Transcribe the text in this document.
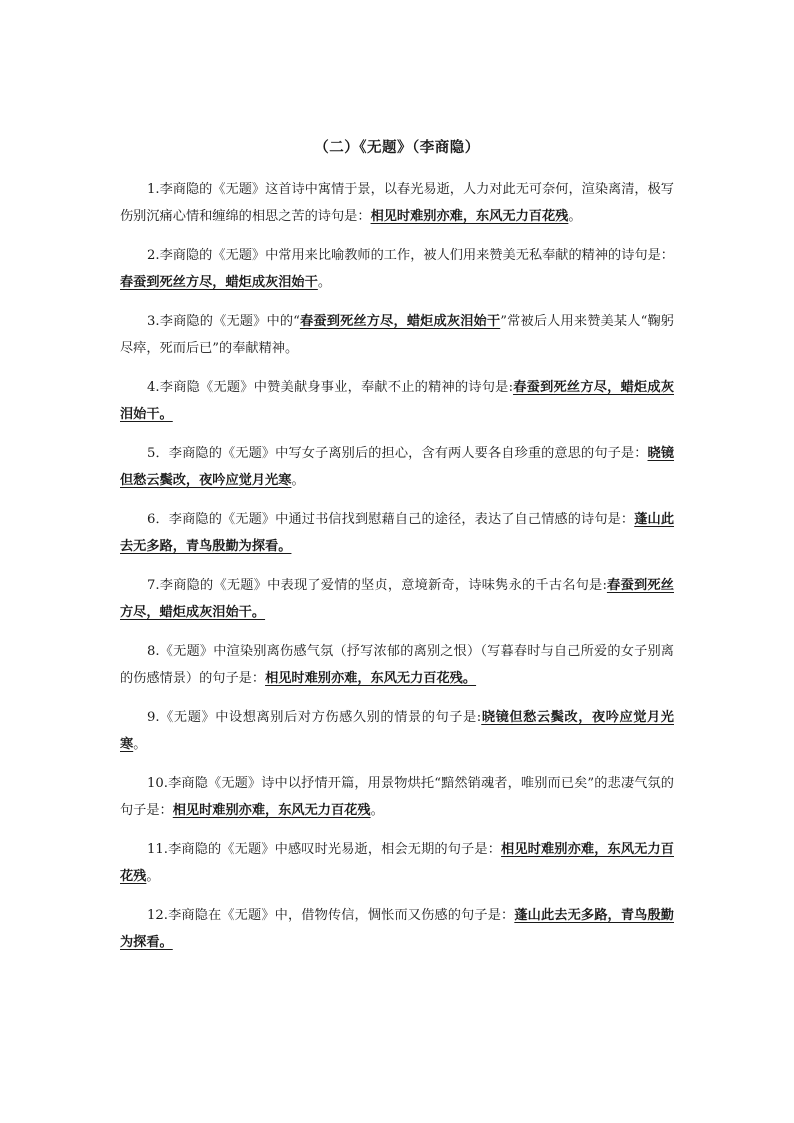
（二）《无题》（李商隐）

1.李商隐的《无题》这首诗中寓情于景，以春光易逝，人力对此无可奈何，渲染离清，极写伤别沉痛心情和缠绵的相思之苦的诗句是：相见时难别亦难，东风无力百花残。

2.李商隐的《无题》中常用来比喻教师的工作，被人们用来赞美无私奉献的精神的诗句是：春蚕到死丝方尽，蜡炬成灰泪始干。

3.李商隐的《无题》中的“春蚕到死丝方尽，蜡炬成灰泪始干”常被后人用来赞美某人“鞠躬尽瘁，死而后已”的奉献精神。

4.李商隐《无题》中赞美献身事业，奉献不止的精神的诗句是:春蚕到死丝方尽，蜡炬成灰泪始干。

5．李商隐的《无题》中写女子离别后的担心，含有两人要各自珍重的意思的句子是：晓镜但愁云鬓改，夜吟应觉月光寒。

6．李商隐的《无题》中通过书信找到慰藉自己的途径，表达了自己情感的诗句是：蓬山此去无多路，青鸟殷勤为探看。

7.李商隐的《无题》中表现了爱情的坚贞，意境新奇，诗味隽永的千古名句是:春蚕到死丝方尽，蜡炬成灰泪始干。

8.《无题》中渲染别离伤感气氛（抒写浓郁的离别之恨）（写暮春时与自己所爱的女子别离的伤感情景）的句子是：相见时难别亦难，东风无力百花残。

9.《无题》中设想离别后对方伤感久别的情景的句子是:晓镜但愁云鬓改，夜吟应觉月光寒。

10.李商隐《无题》诗中以抒情开篇，用景物烘托“黯然销魂者，唯别而已矣”的悲凄气氛的句子是：相见时难别亦难，东风无力百花残。

11.李商隐的《无题》中感叹时光易逝，相会无期的句子是：相见时难别亦难，东风无力百花残。

12.李商隐在《无题》中，借物传信，惆怅而又伤感的句子是：蓬山此去无多路，青鸟殷勤为探看。
